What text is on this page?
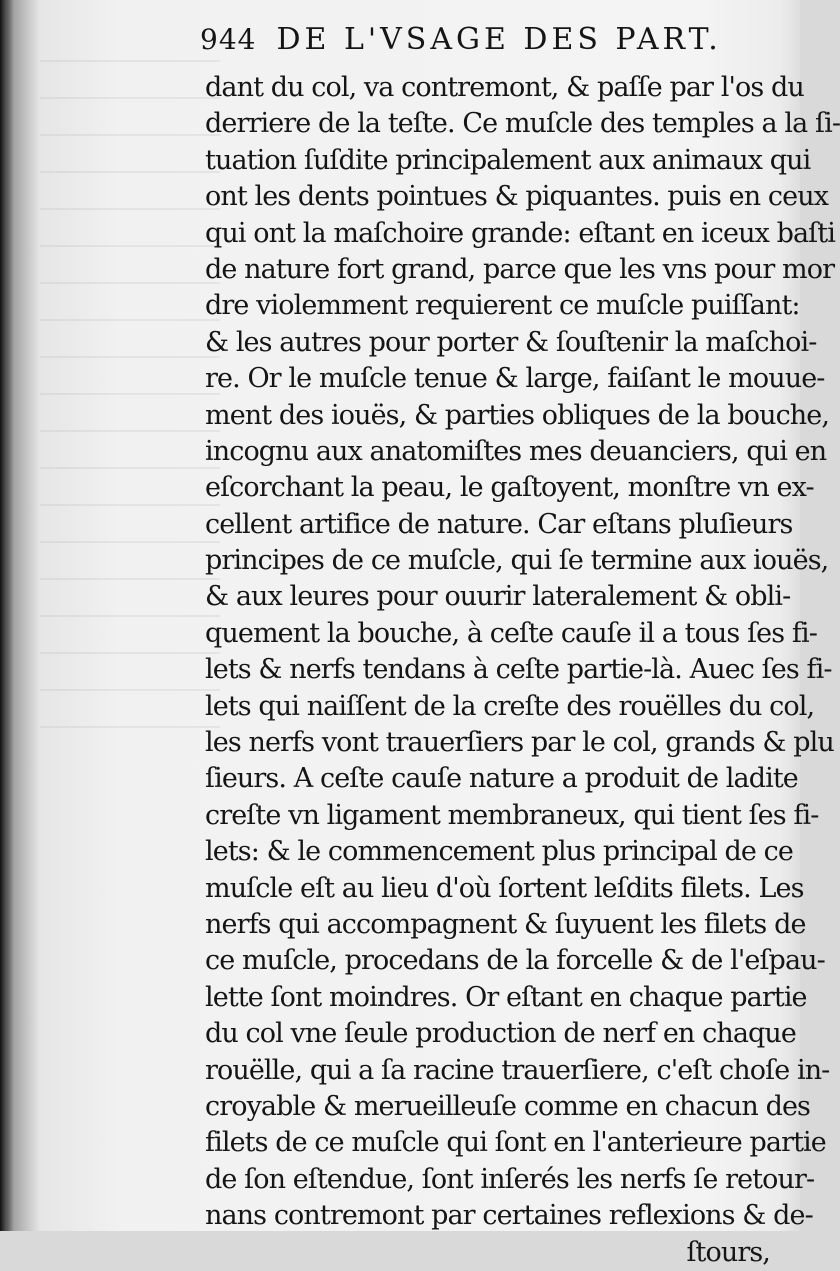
944 DE L'VSAGE DES PART.
dant du col, va contremont, & paſſe par l'os du
derriere de la teſte. Ce muſcle des temples a la ſi-
tuation ſuſdite principalement aux animaux qui
ont les dents pointues & piquantes. puis en ceux
qui ont la maſchoire grande: eſtant en iceux baſti
de nature fort grand, parce que les vns pour mor
dre violemment requierent ce muſcle puiſſant:
& les autres pour porter & ſouſtenir la maſchoi-
re. Or le muſcle tenue & large, faiſant le mouue-
ment des iouës, & parties obliques de la bouche,
incognu aux anatomiſtes mes deuanciers, qui en
eſcorchant la peau, le gaſtoyent, monſtre vn ex-
cellent artifice de nature. Car eſtans pluſieurs
principes de ce muſcle, qui ſe termine aux iouës,
& aux leures pour ouurir lateralement & obli-
quement la bouche, à ceſte cauſe il a tous ſes fi-
lets & nerfs tendans à ceſte partie-là. Auec ſes fi-
lets qui naiſſent de la creſte des rouëlles du col,
les nerfs vont trauerſiers par le col, grands & plu
ſieurs. A ceſte cauſe nature a produit de ladite
creſte vn ligament membraneux, qui tient ſes fi-
lets: & le commencement plus principal de ce
muſcle eſt au lieu d'où ſortent leſdits filets. Les
nerfs qui accompagnent & ſuyuent les filets de
ce muſcle, procedans de la forcelle & de l'eſpau-
lette ſont moindres. Or eſtant en chaque partie
du col vne ſeule production de nerf en chaque
rouëlle, qui a ſa racine trauerſiere, c'eſt choſe in-
croyable & merueilleuſe comme en chacun des
filets de ce muſcle qui ſont en l'anterieure partie
de ſon eſtendue, ſont inſerés les nerfs ſe retour-
nans contremont par certaines reflexions & de-
ſtours,
